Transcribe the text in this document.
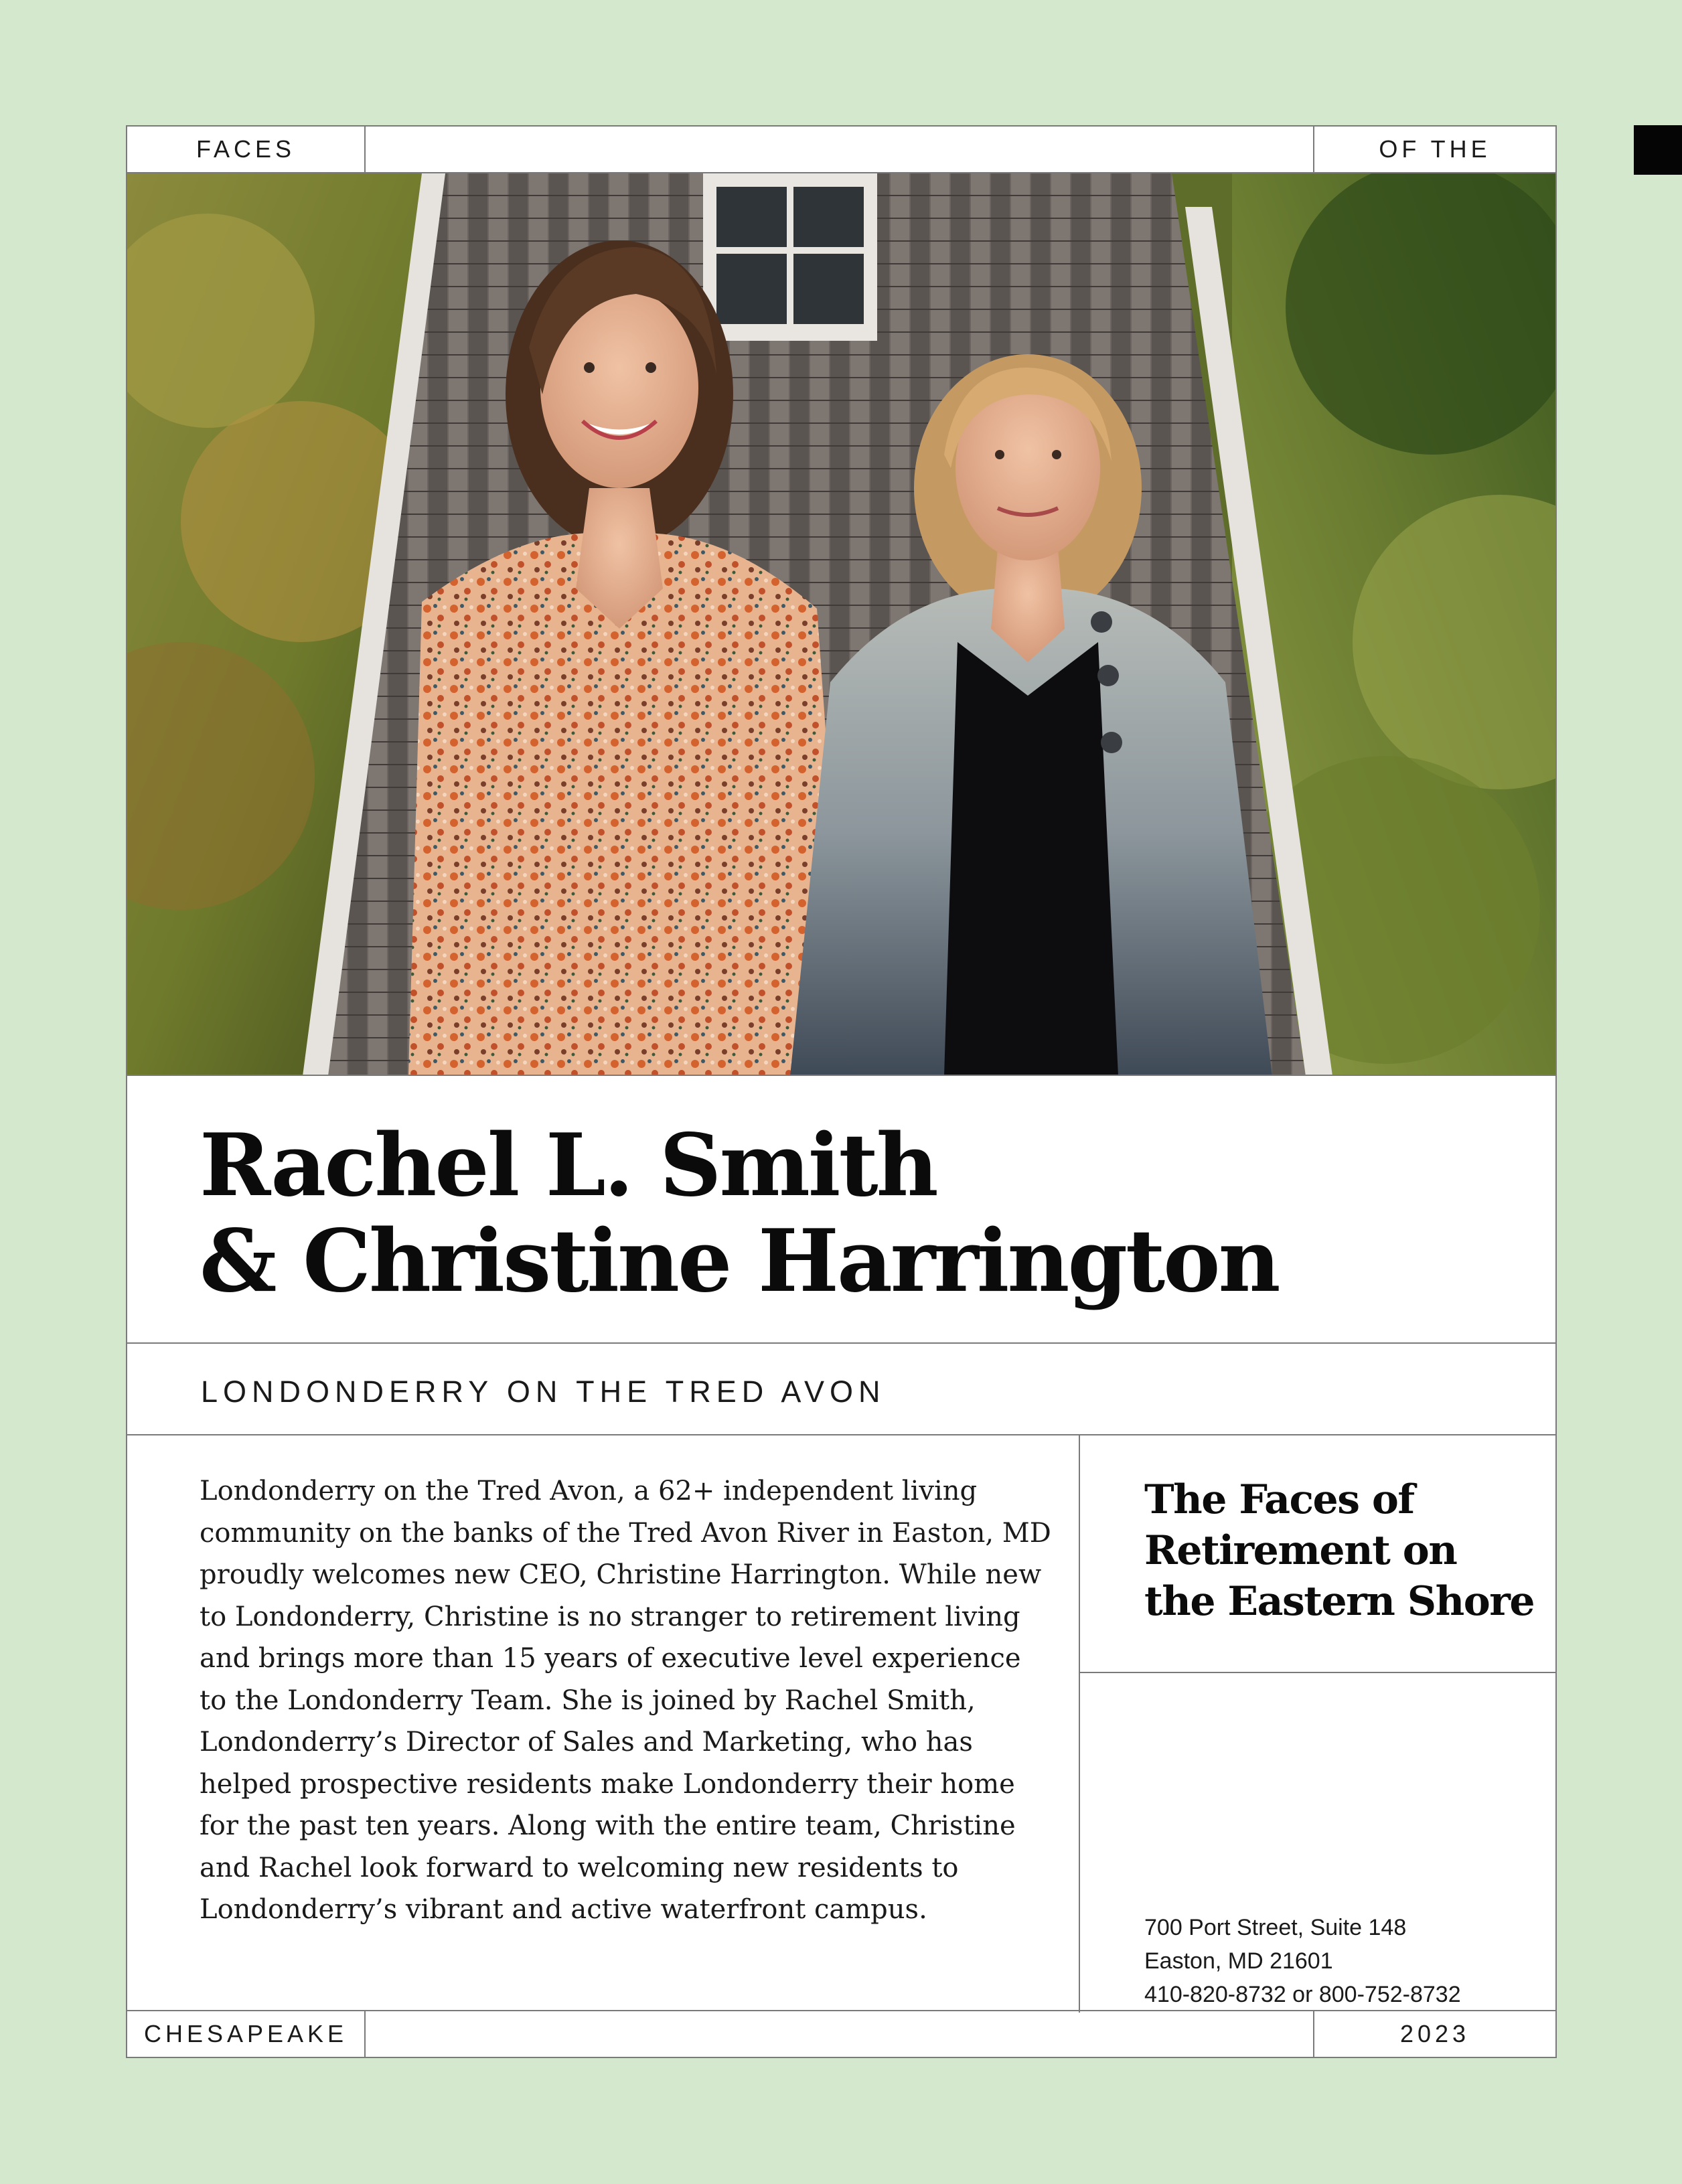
FACES	OF THE
Rachel L. Smith
& Christine Harrington
LONDONDERRY ON THE TRED AVON
Londonderry on the Tred Avon, a 62+ independent living
community on the banks of the Tred Avon River in Easton, MD
proudly welcomes new CEO, Christine Harrington. While new
to Londonderry, Christine is no stranger to retirement living
and brings more than 15 years of executive level experience
to the Londonderry Team. She is joined by Rachel Smith,
Londonderry’s Director of Sales and Marketing, who has
helped prospective residents make Londonderry their home
for the past ten years. Along with the entire team, Christine
and Rachel look forward to welcoming new residents to
Londonderry’s vibrant and active waterfront campus.
The Faces of
Retirement on
the Eastern Shore
700 Port Street, Suite 148
Easton, MD 21601
410-820-8732 or 800-752-8732
CHESAPEAKE	2023
